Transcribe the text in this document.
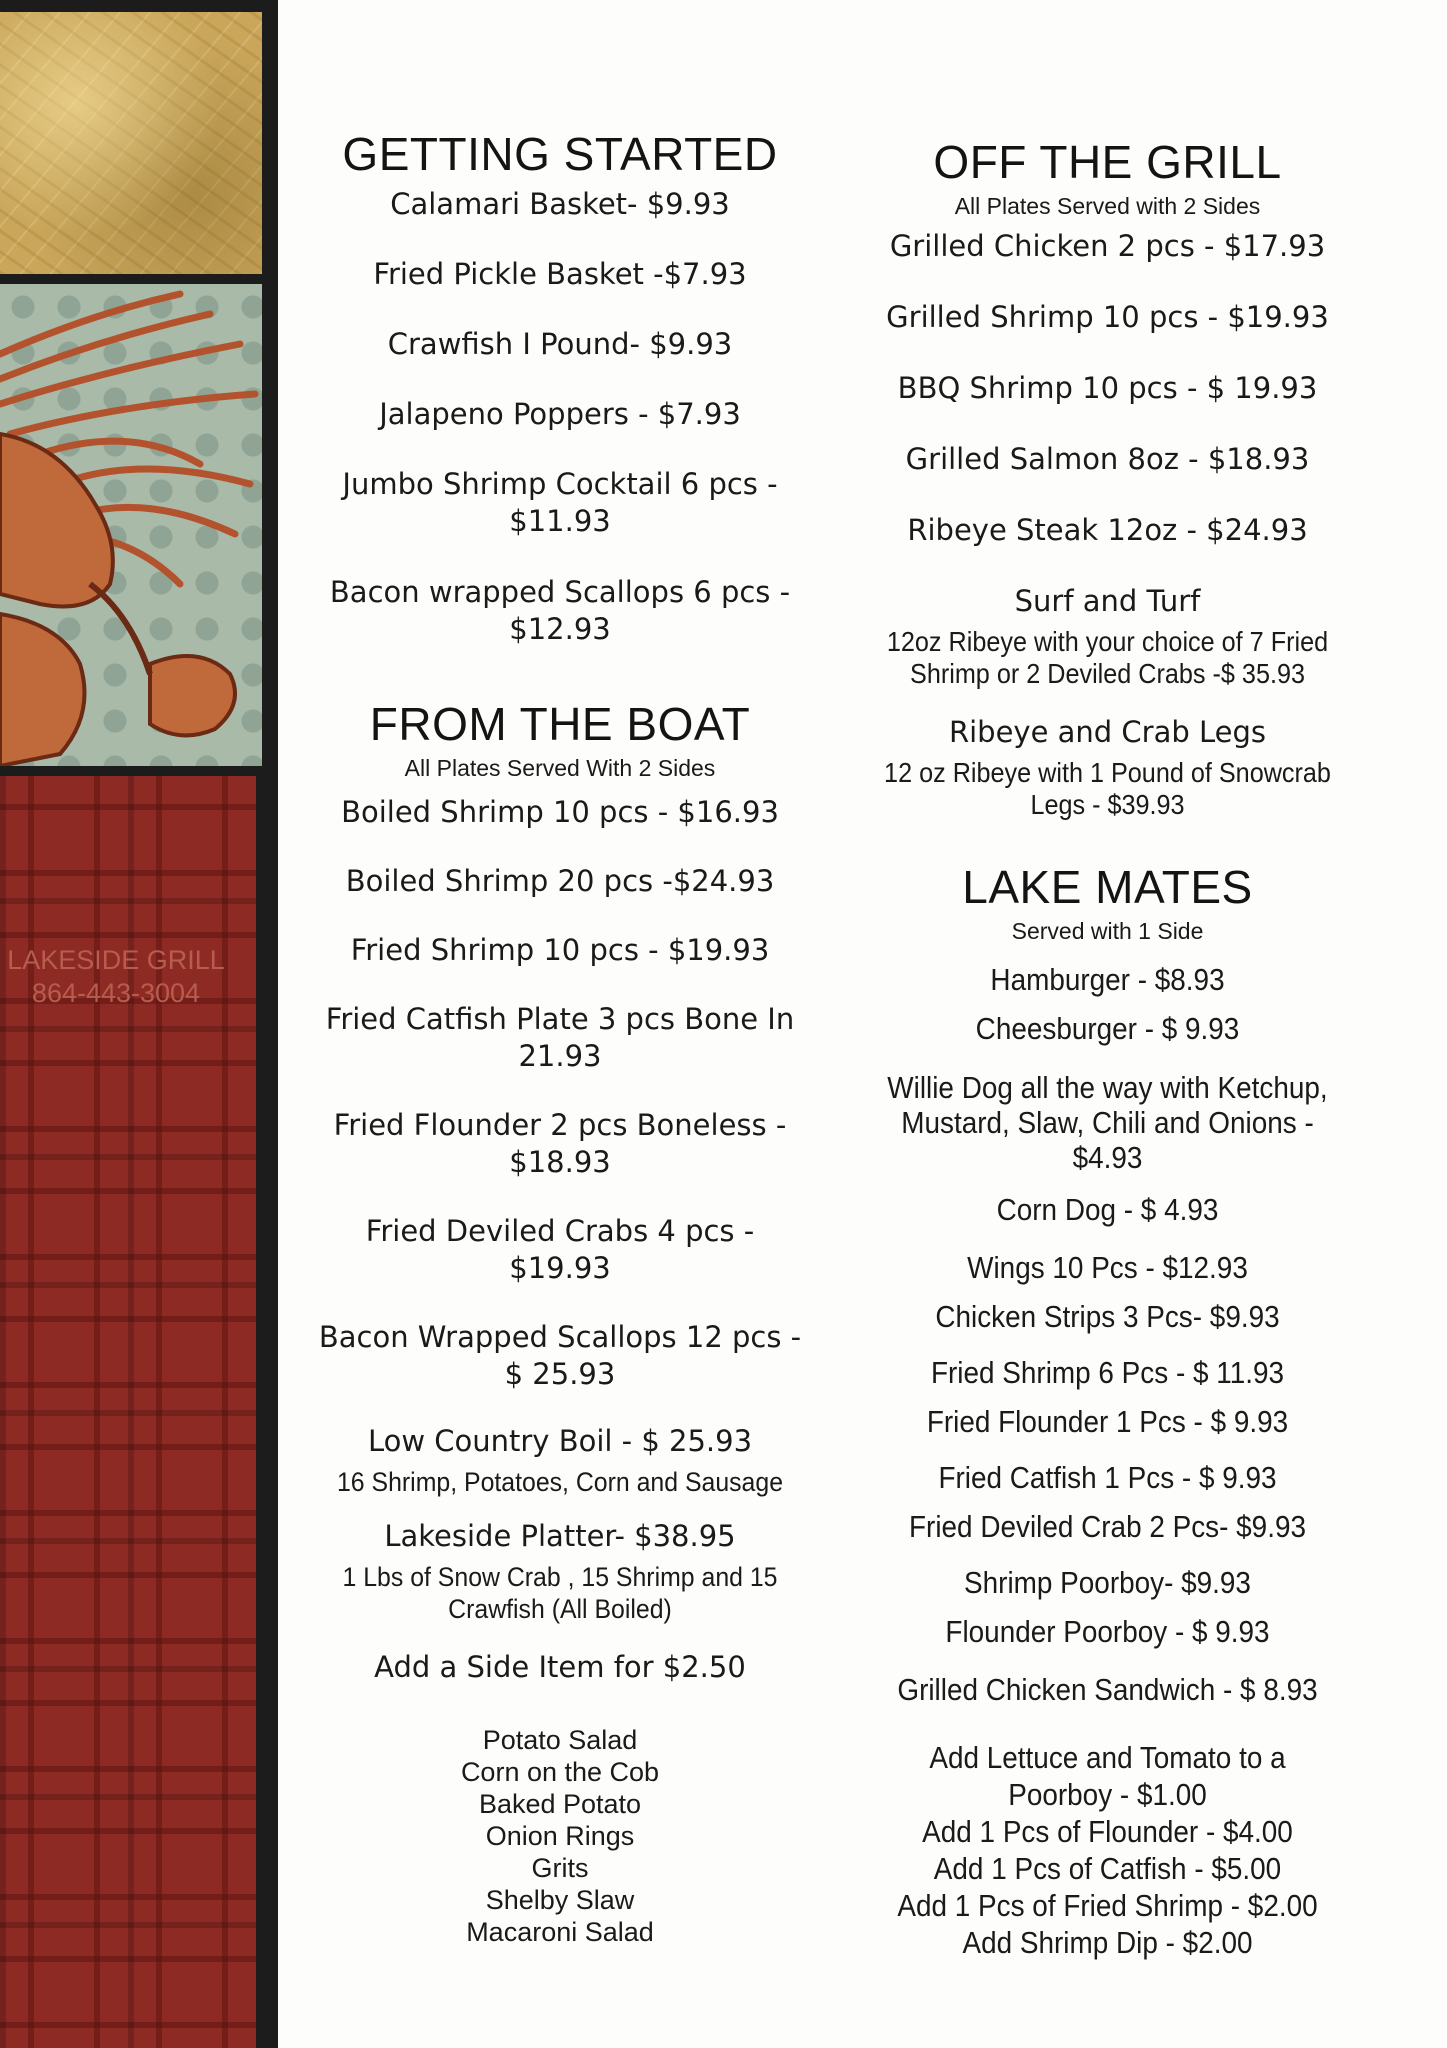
LAKESIDE GRILL 864-443-3004
GETTING STARTED
Calamari Basket- $9.93
Fried Pickle Basket -$7.93
Crawfish I Pound- $9.93
Jalapeno Poppers - $7.93
Jumbo Shrimp Cocktail 6 pcs - $11.93
Bacon wrapped Scallops 6 pcs - $12.93
FROM THE BOAT
All Plates Served With 2 Sides
Boiled Shrimp 10 pcs - $16.93
Boiled Shrimp 20 pcs -$24.93
Fried Shrimp 10 pcs - $19.93
Fried Catfish Plate 3 pcs Bone In 21.93
Fried Flounder 2 pcs Boneless - $18.93
Fried Deviled Crabs 4 pcs - $19.93
Bacon Wrapped Scallops 12 pcs - $ 25.93
Low Country Boil - $ 25.93
16 Shrimp, Potatoes, Corn and Sausage
Lakeside Platter- $38.95
1 Lbs of Snow Crab , 15 Shrimp and 15 Crawfish (All Boiled)
Add a Side Item for $2.50
Potato Salad
Corn on the Cob
Baked Potato
Onion Rings
Grits
Shelby Slaw
Macaroni Salad
OFF THE GRILL
All Plates Served with 2 Sides
Grilled Chicken 2 pcs - $17.93
Grilled Shrimp 10 pcs - $19.93
BBQ Shrimp 10 pcs - $ 19.93
Grilled Salmon 8oz - $18.93
Ribeye Steak 12oz - $24.93
Surf and Turf
12oz Ribeye with your choice of 7 Fried Shrimp or 2 Deviled Crabs -$ 35.93
Ribeye and Crab Legs
12 oz Ribeye with 1 Pound of Snowcrab Legs - $39.93
LAKE MATES
Served with 1 Side
Hamburger - $8.93
Cheesburger - $ 9.93
Willie Dog all the way with Ketchup, Mustard, Slaw, Chili and Onions - $4.93
Corn Dog - $ 4.93
Wings 10 Pcs - $12.93
Chicken Strips 3 Pcs- $9.93
Fried Shrimp 6 Pcs - $ 11.93
Fried Flounder 1 Pcs - $ 9.93
Fried Catfish 1 Pcs - $ 9.93
Fried Deviled Crab 2 Pcs- $9.93
Shrimp Poorboy- $9.93
Flounder Poorboy - $ 9.93
Grilled Chicken Sandwich - $ 8.93
Add Lettuce and Tomato to a Poorboy - $1.00
Add 1 Pcs of Flounder - $4.00
Add 1 Pcs of Catfish - $5.00
Add 1 Pcs of Fried Shrimp - $2.00
Add Shrimp Dip - $2.00
